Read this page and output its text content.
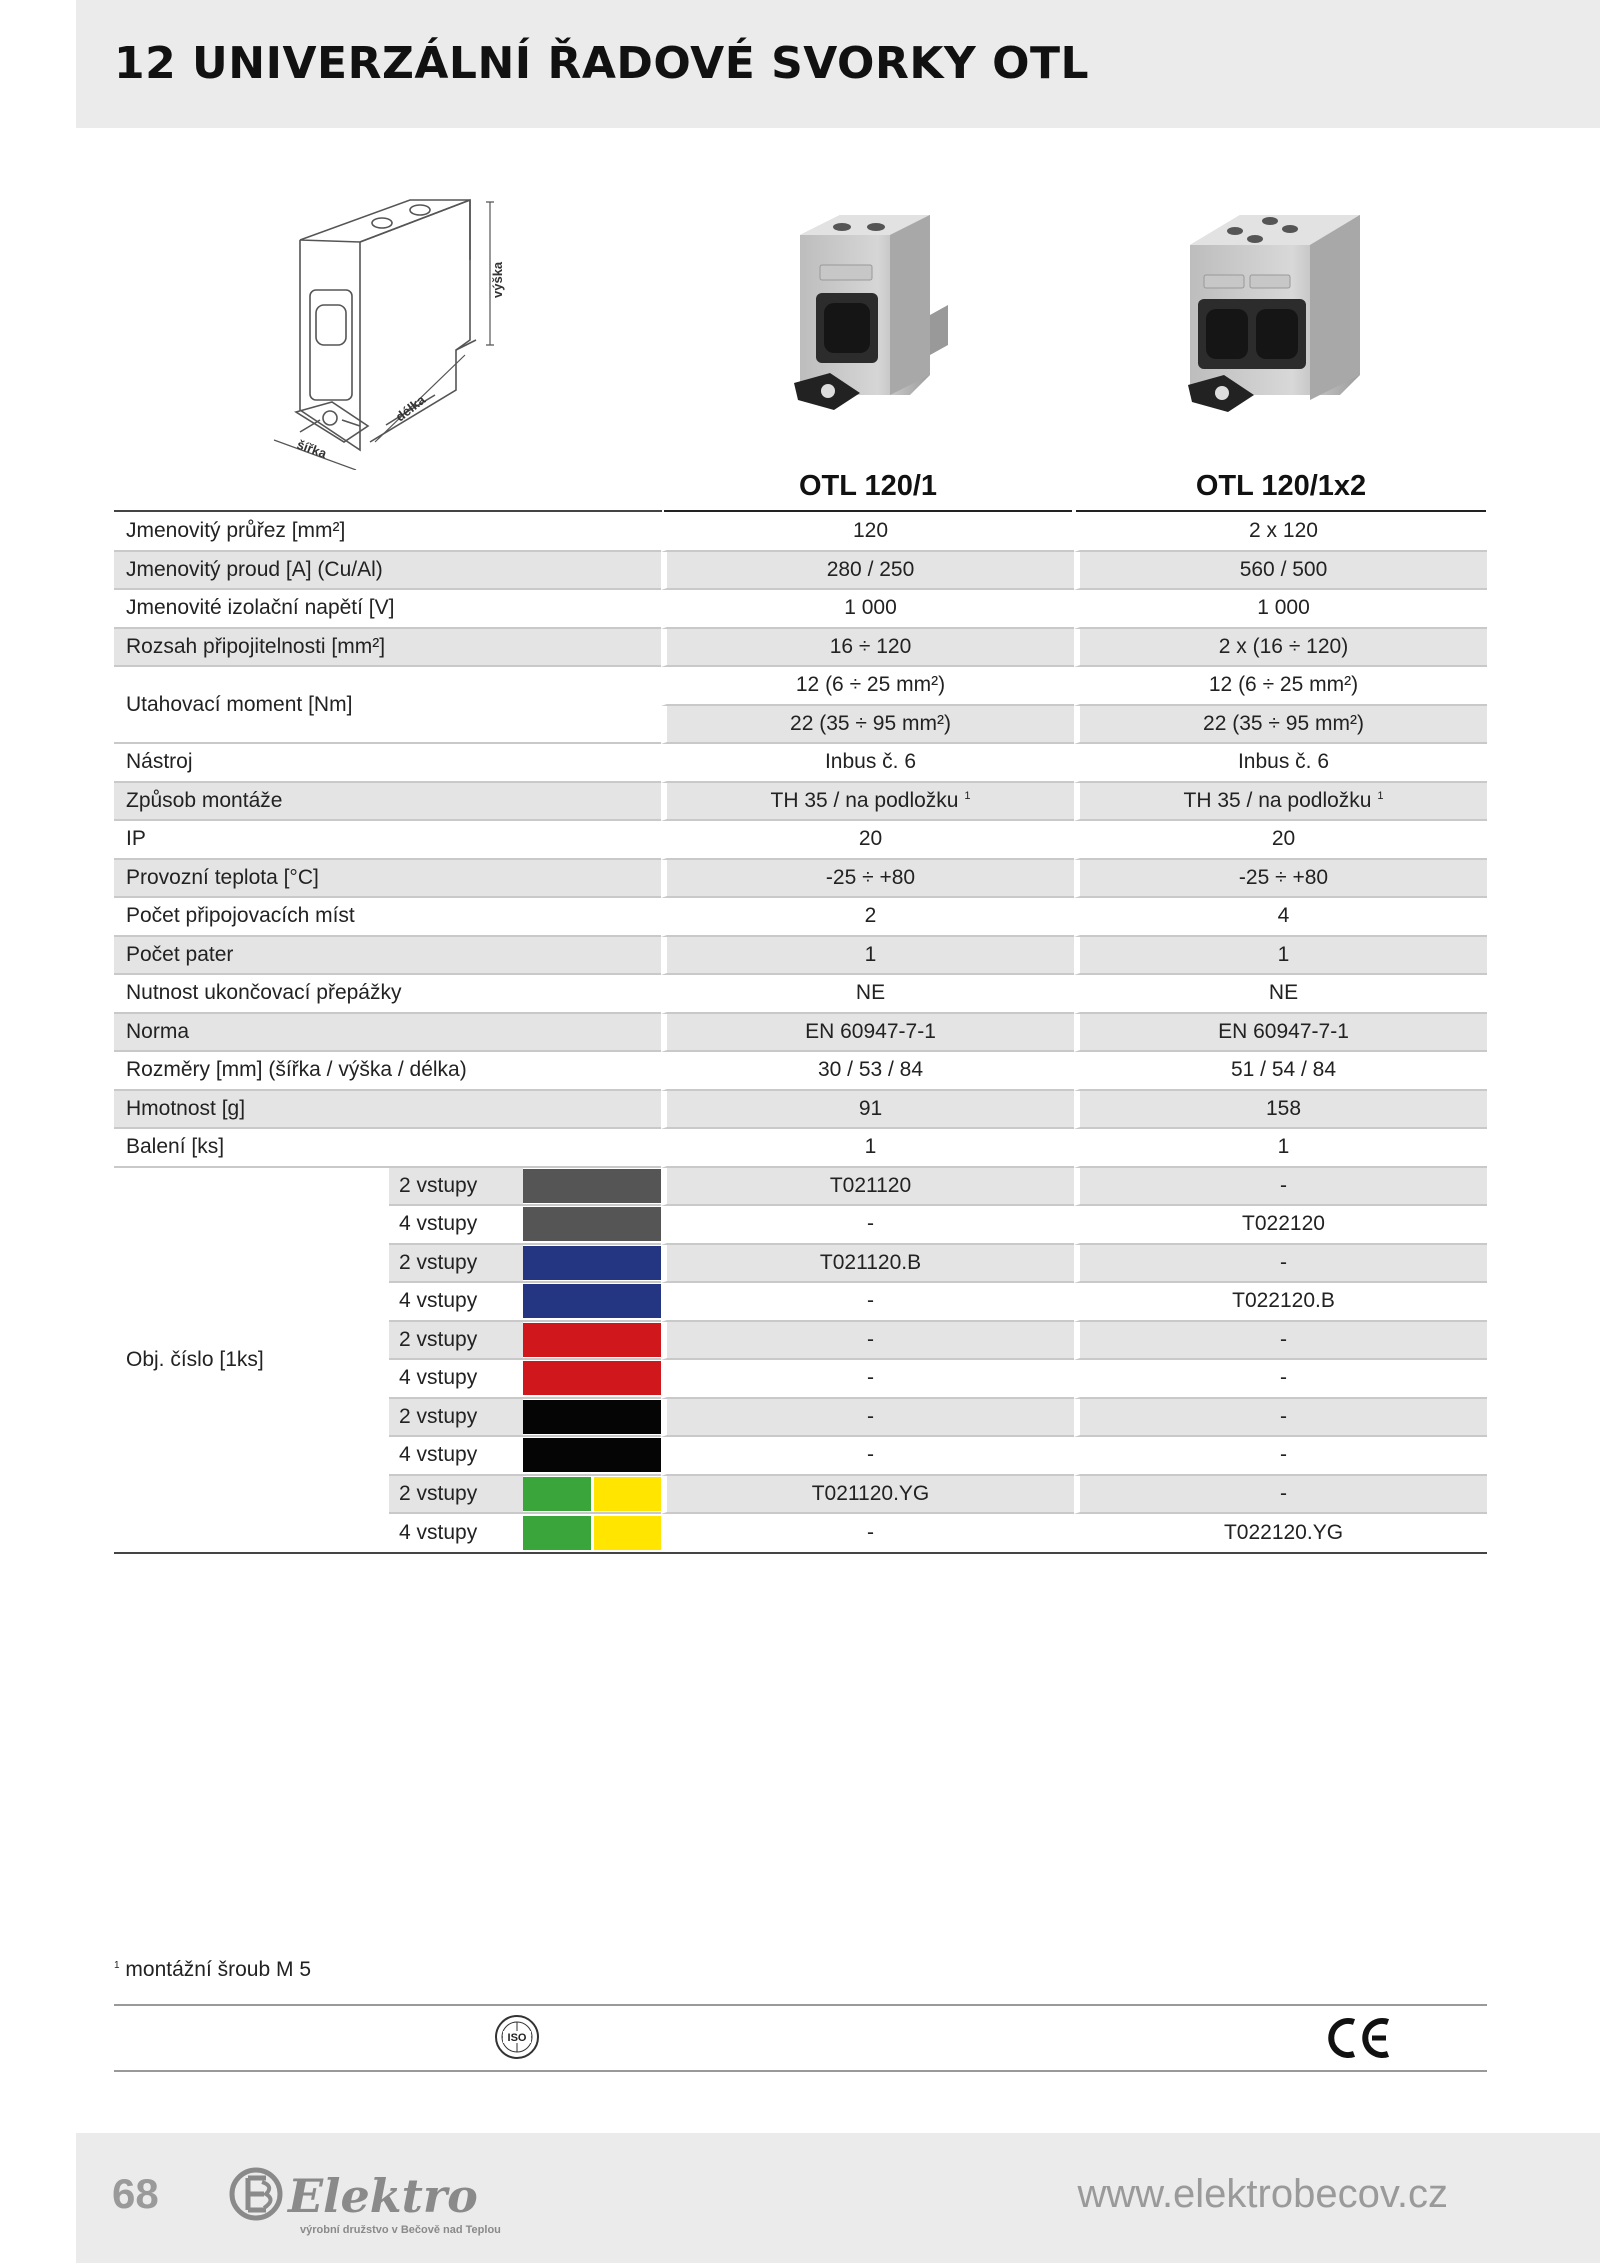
12 UNIVERZÁLNÍ ŘADOVÉ SVORKY OTL
výška
délka
šířka
OTL 120/1	OTL 120/1x2
Jmenovitý průřez [mm²]			120	2 x 120
Jmenovitý proud [A] (Cu/Al)			280 / 250	560 / 500
Jmenovité izolační napětí [V]			1 000	1 000
Rozsah připojitelnosti [mm²]			16 ÷ 120	2 x (16 ÷ 120)
Utahovací moment [Nm]			12 (6 ÷ 25 mm²)	12 (6 ÷ 25 mm²)
			22 (35 ÷ 95 mm²)	22 (35 ÷ 95 mm²)
Nástroj			Inbus č. 6	Inbus č. 6
Způsob montáže			TH 35 / na podložku $^1$	TH 35 / na podložku $^1$
IP			20	20
Provozní teplota [°C]			-25 ÷ +80	-25 ÷ +80
Počet připojovacích míst			2	4
Počet pater			1	1
Nutnost ukončovací přepážky			NE	NE
Norma			EN 60947-7-1	EN 60947-7-1
Rozměry [mm] (šířka / výška / délka)			30 / 53 / 84	51 / 54 / 84
Hmotnost [g]			91	158
Balení [ks]			1	1
Obj. číslo [1ks]	2 vstupy		T021120	-
	4 vstupy		-	T022120
	2 vstupy		T021120.B	-
	4 vstupy		-	T022120.B
	2 vstupy		-	-
	4 vstupy		-	-
	2 vstupy		-	-
	4 vstupy		-	-
	2 vstupy		T021120.YG	-
	4 vstupy		-	T022120.YG
$^1$ montážní šroub M 5
ISO
68	Elektro
výrobní družstvo v Bečově nad Teplou
www.elektrobecov.cz
